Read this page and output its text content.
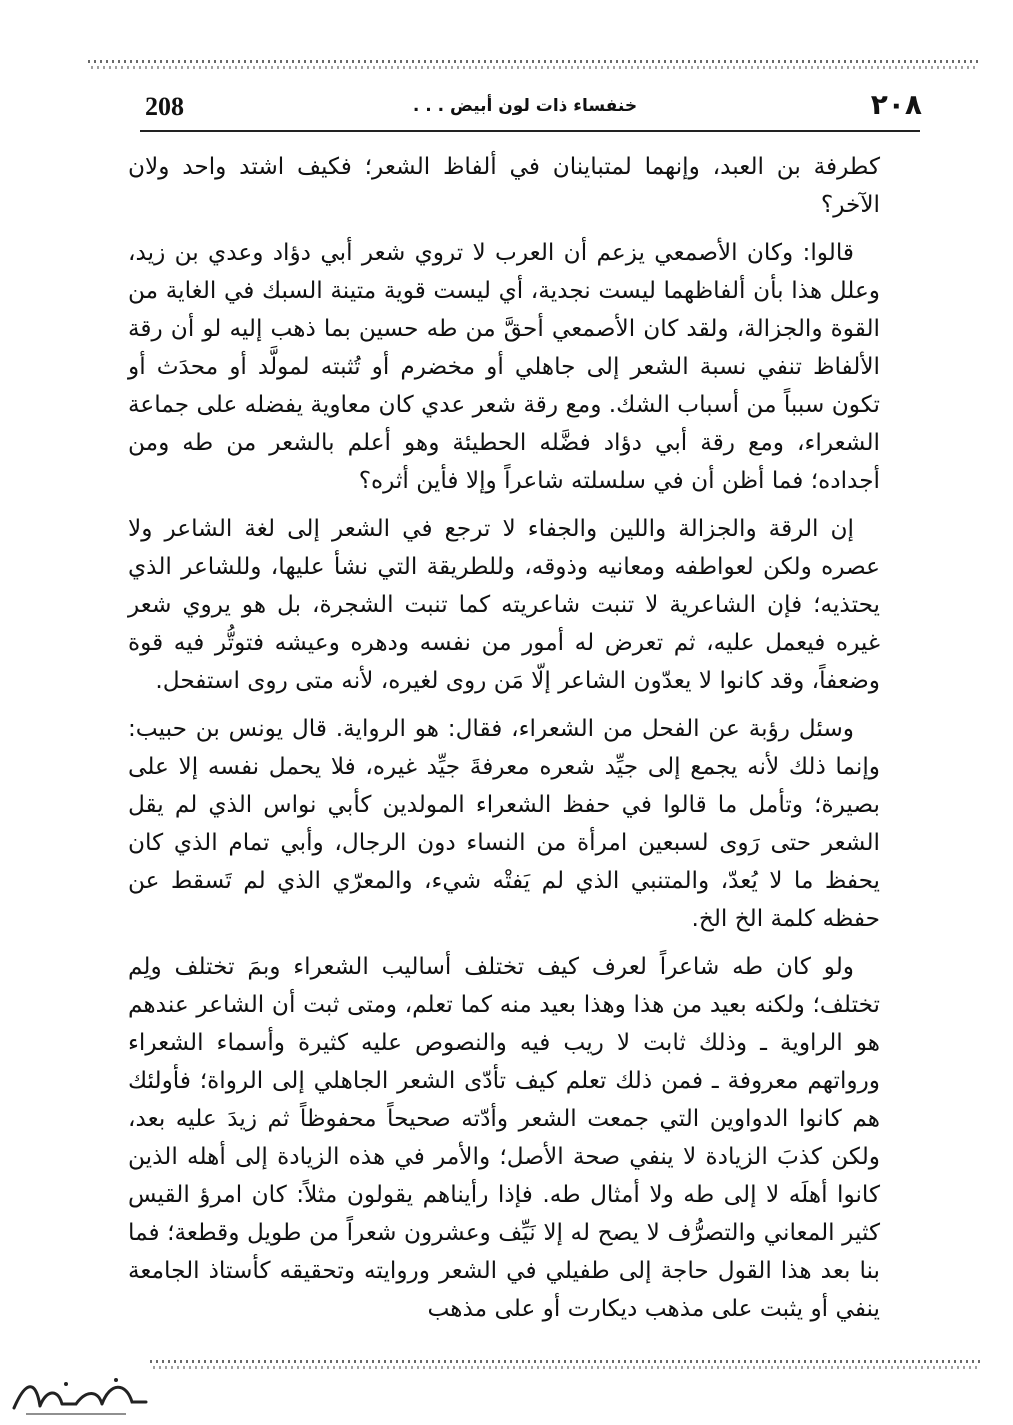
208	خنفساء ذات لون أبيض . . .	٢٠٨

كطرفة بن العبد، وإنهما لمتباينان في ألفاظ الشعر؛ فكيف اشتد واحد ولان الآخر؟

قالوا: وكان الأصمعي يزعم أن العرب لا تروي شعر أبي دؤاد وعدي بن زيد، وعلل هذا بأن ألفاظهما ليست نجدية، أي ليست قوية متينة السبك في الغاية من القوة والجزالة، ولقد كان الأصمعي أحقَّ من طه حسين بما ذهب إليه لو أن رقة الألفاظ تنفي نسبة الشعر إلى جاهلي أو مخضرم أو تُثبته لمولَّد أو محدَث أو تكون سبباً من أسباب الشك. ومع رقة شعر عدي كان معاوية يفضله على جماعة الشعراء، ومع رقة أبي دؤاد فضَّله الحطيئة وهو أعلم بالشعر من طه ومن أجداده؛ فما أظن أن في سلسلته شاعراً وإلا فأين أثره؟

إن الرقة والجزالة واللين والجفاء لا ترجع في الشعر إلى لغة الشاعر ولا عصره ولكن لعواطفه ومعانيه وذوقه، وللطريقة التي نشأ عليها، وللشاعر الذي يحتذيه؛ فإن الشاعرية لا تنبت شاعريته كما تنبت الشجرة، بل هو يروي شعر غيره فيعمل عليه، ثم تعرض له أمور من نفسه ودهره وعيشه فتوتُّر فيه قوة وضعفاً، وقد كانوا لا يعدّون الشاعر إلّا مَن روى لغيره، لأنه متى روى استفحل.

وسئل رؤبة عن الفحل من الشعراء، فقال: هو الرواية. قال يونس بن حبيب: وإنما ذلك لأنه يجمع إلى جيِّد شعره معرفةَ جيِّد غيره، فلا يحمل نفسه إلا على بصيرة؛ وتأمل ما قالوا في حفظ الشعراء المولدين كأبي نواس الذي لم يقل الشعر حتى رَوى لسبعين امرأة من النساء دون الرجال، وأبي تمام الذي كان يحفظ ما لا يُعدّ، والمتنبي الذي لم يَفتْه شيء، والمعرّي الذي لم تَسقط عن حفظه كلمة الخ الخ.

ولو كان طه شاعراً لعرف كيف تختلف أساليب الشعراء وبمَ تختلف ولِم تختلف؛ ولكنه بعيد من هذا وهذا بعيد منه كما تعلم، ومتى ثبت أن الشاعر عندهم هو الراوية ـ وذلك ثابت لا ريب فيه والنصوص عليه كثيرة وأسماء الشعراء ورواتهم معروفة ـ فمن ذلك تعلم كيف تأدّى الشعر الجاهلي إلى الرواة؛ فأولئك هم كانوا الدواوين التي جمعت الشعر وأدّته صحيحاً محفوظاً ثم زيدَ عليه بعد، ولكن كذبَ الزيادة لا ينفي صحة الأصل؛ والأمر في هذه الزيادة إلى أهله الذين كانوا أهلَه لا إلى طه ولا أمثال طه. فإذا رأيناهم يقولون مثلاً: كان امرؤ القيس كثير المعاني والتصرُّف لا يصح له إلا نَيِّف وعشرون شعراً من طويل وقطعة؛ فما بنا بعد هذا القول حاجة إلى طفيلي في الشعر وروايته وتحقيقه كأستاذ الجامعة ينفي أو يثبت على مذهب ديكارت أو على مذهب
